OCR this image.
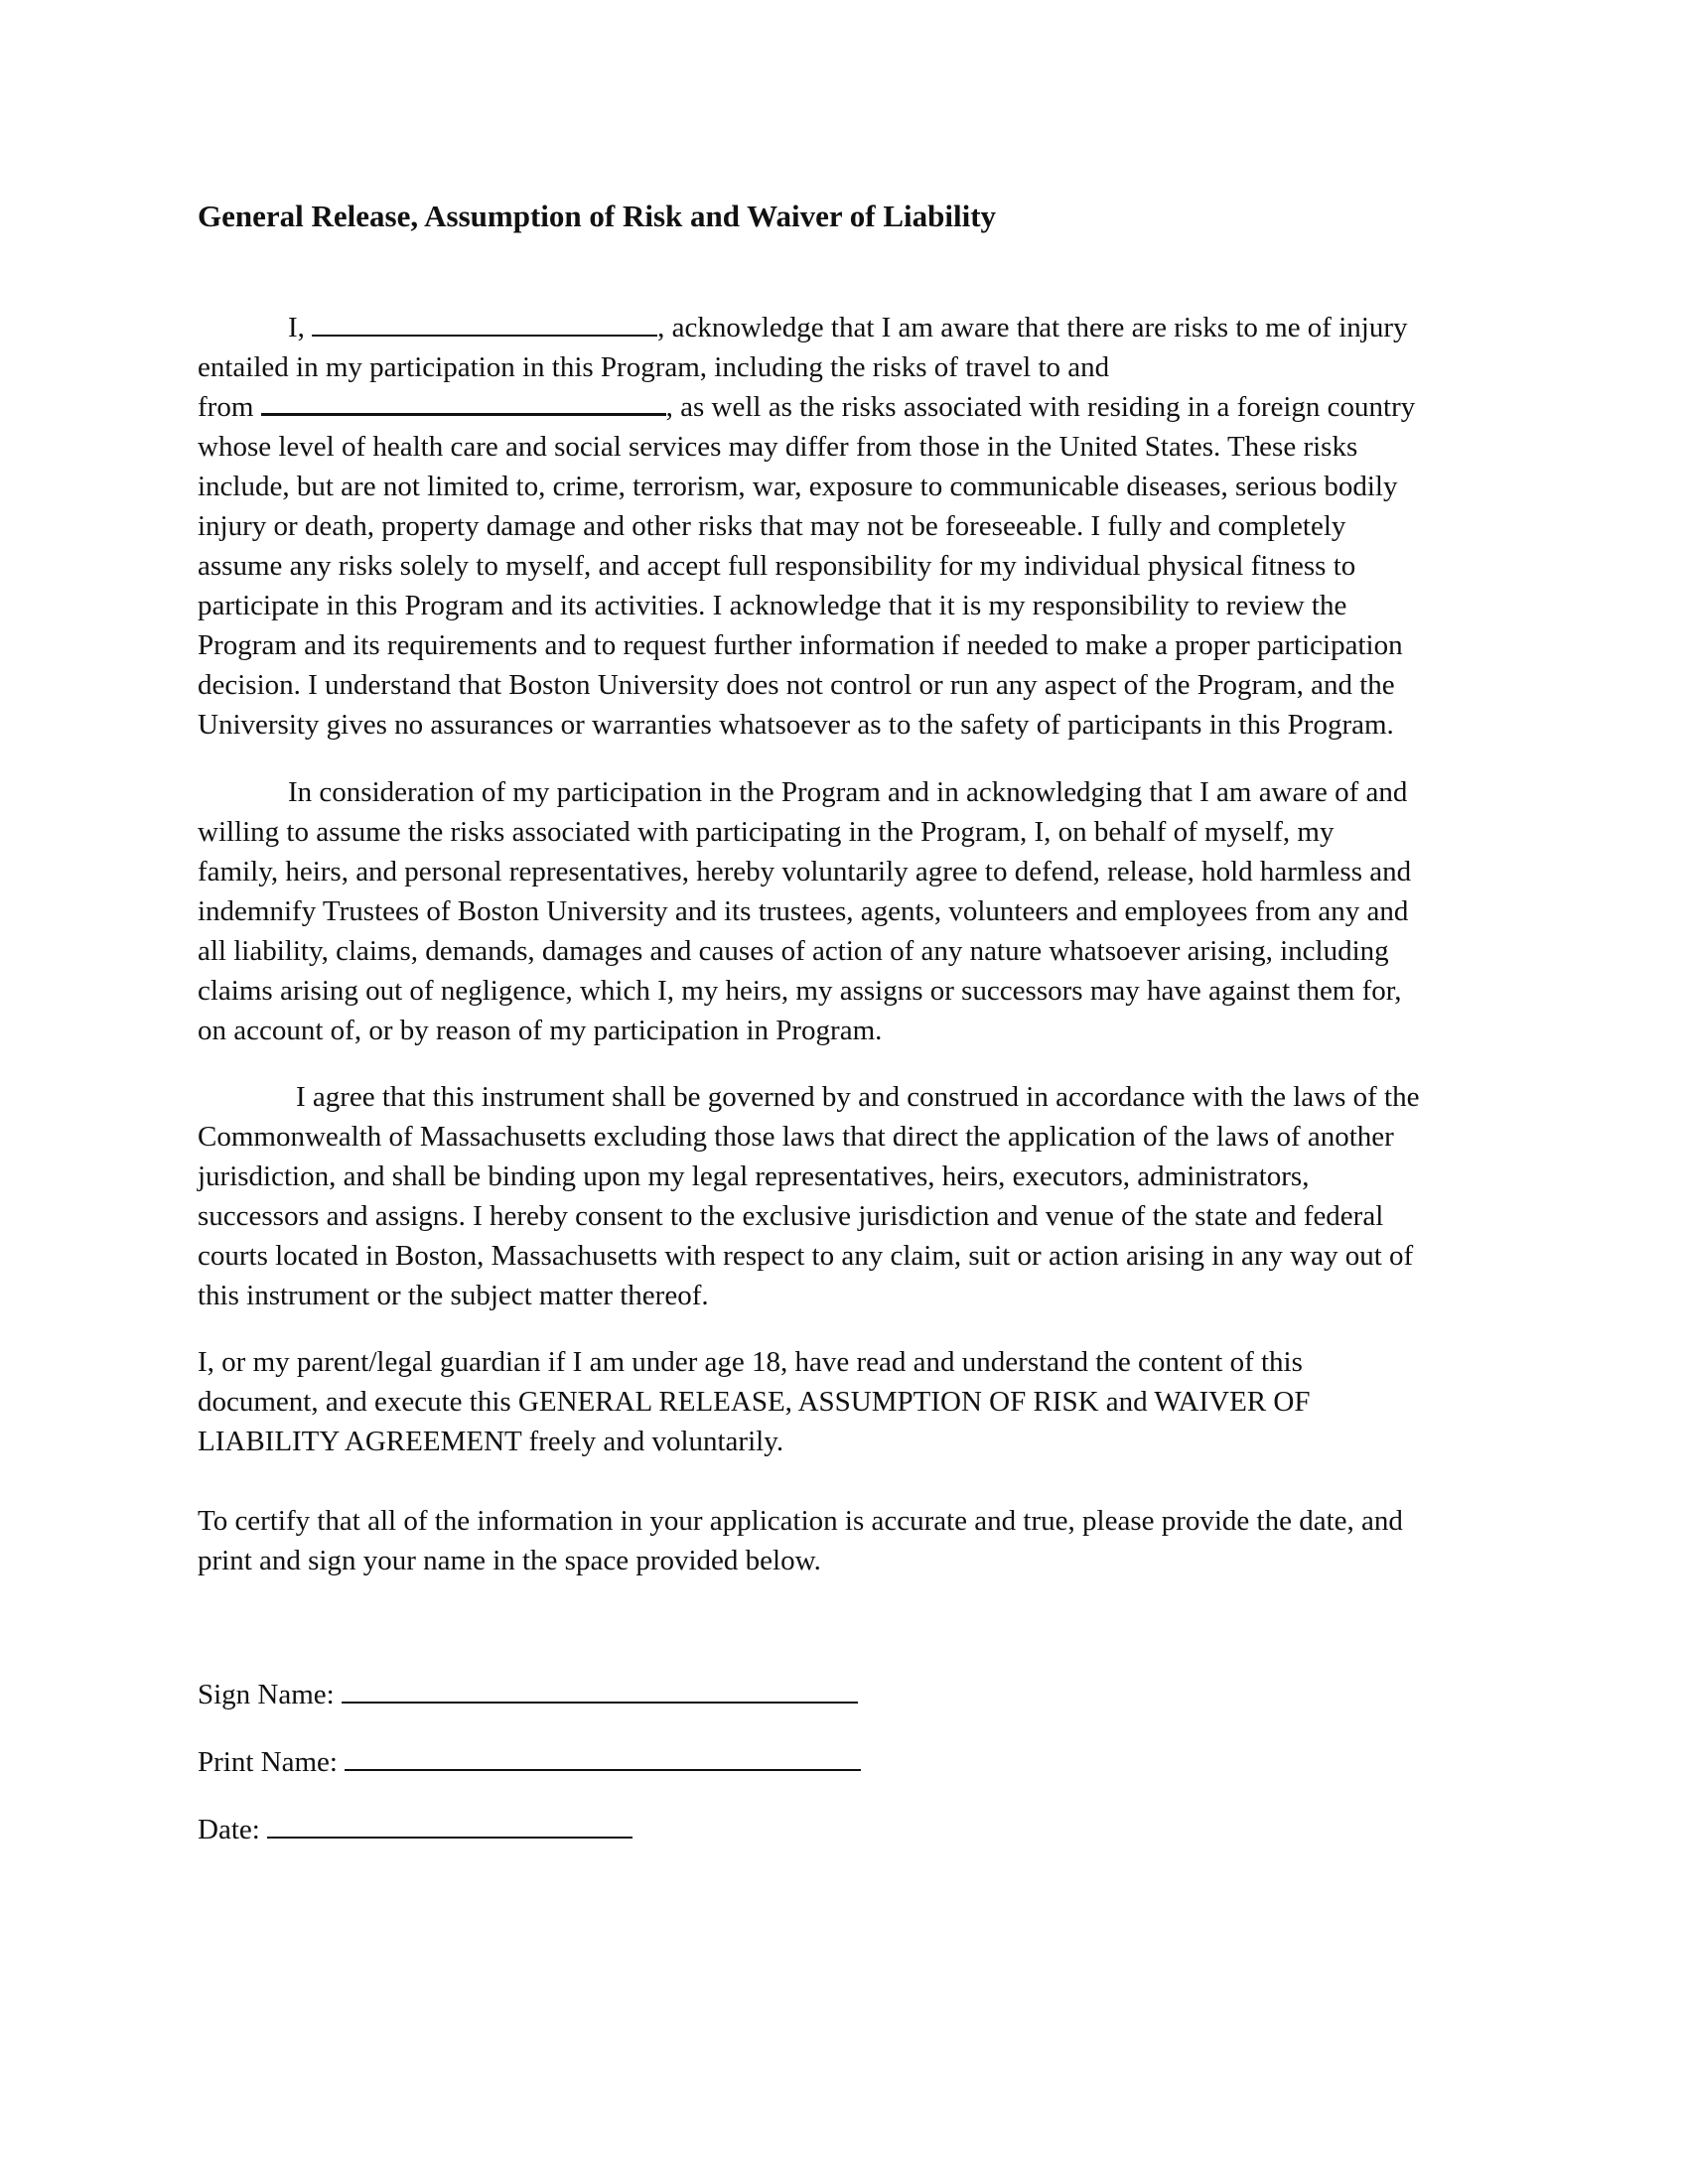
General Release, Assumption of Risk and Waiver of Liability
I,	, acknowledge that I am aware that there are risks to me of injury
entailed in my participation in this Program, including the risks of travel to and
from	, as well as the risks associated with residing in a foreign country
whose level of health care and social services may differ from those in the United States. These risks
include, but are not limited to, crime, terrorism, war, exposure to communicable diseases, serious bodily
injury or death, property damage and other risks that may not be foreseeable. I fully and completely
assume any risks solely to myself, and accept full responsibility for my individual physical fitness to
participate in this Program and its activities. I acknowledge that it is my responsibility to review the
Program and its requirements and to request further information if needed to make a proper participation
decision. I understand that Boston University does not control or run any aspect of the Program, and the
University gives no assurances or warranties whatsoever as to the safety of participants in this Program.
In consideration of my participation in the Program and in acknowledging that I am aware of and
willing to assume the risks associated with participating in the Program, I, on behalf of myself, my
family, heirs, and personal representatives, hereby voluntarily agree to defend, release, hold harmless and
indemnify Trustees of Boston University and its trustees, agents, volunteers and employees from any and
all liability, claims, demands, damages and causes of action of any nature whatsoever arising, including
claims arising out of negligence, which I, my heirs, my assigns or successors may have against them for,
on account of, or by reason of my participation in Program.
I agree that this instrument shall be governed by and construed in accordance with the laws of the
Commonwealth of Massachusetts excluding those laws that direct the application of the laws of another
jurisdiction, and shall be binding upon my legal representatives, heirs, executors, administrators,
successors and assigns. I hereby consent to the exclusive jurisdiction and venue of the state and federal
courts located in Boston, Massachusetts with respect to any claim, suit or action arising in any way out of
this instrument or the subject matter thereof.
I, or my parent/legal guardian if I am under age 18, have read and understand the content of this
document, and execute this GENERAL RELEASE, ASSUMPTION OF RISK and WAIVER OF
LIABILITY AGREEMENT freely and voluntarily.
To certify that all of the information in your application is accurate and true, please provide the date, and
print and sign your name in the space provided below.
Sign Name:
Print Name:
Date:
